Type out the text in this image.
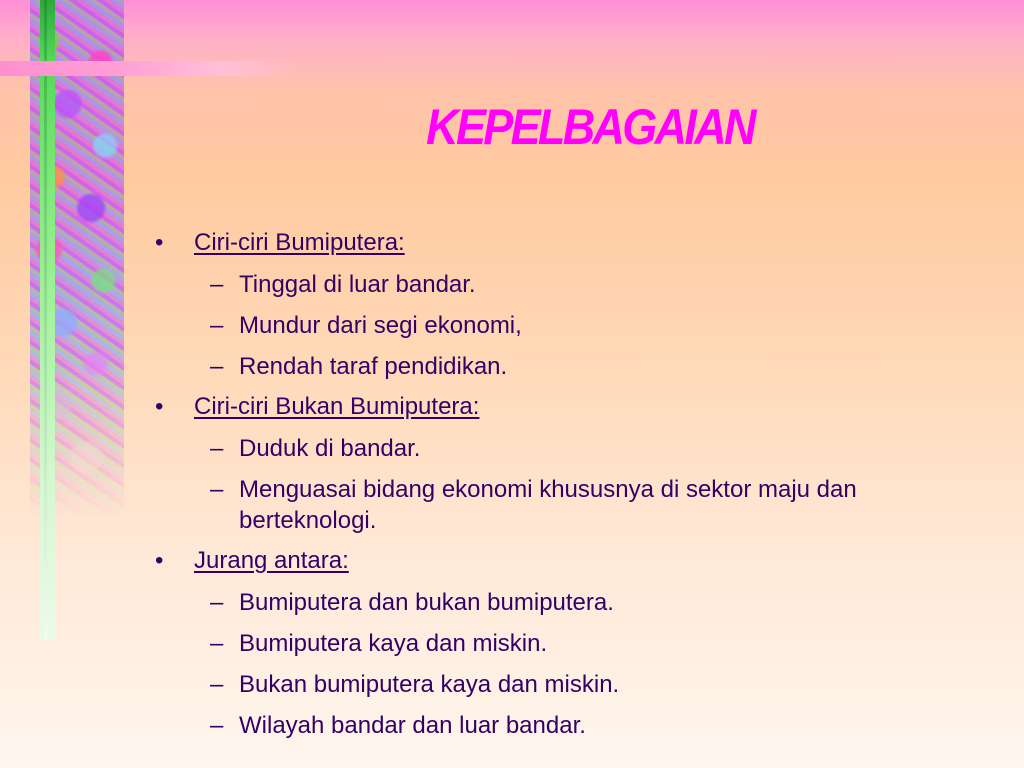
KEPELBAGAIAN
• Ciri-ciri Bumiputera:
– Tinggal di luar bandar.
– Mundur dari segi ekonomi,
– Rendah taraf pendidikan.
• Ciri-ciri Bukan Bumiputera:
– Duduk di bandar.
– Menguasai bidang ekonomi khususnya di sektor maju dan berteknologi.
• Jurang antara:
– Bumiputera dan bukan bumiputera.
– Bumiputera kaya dan miskin.
– Bukan bumiputera kaya dan miskin.
– Wilayah bandar dan luar bandar.
